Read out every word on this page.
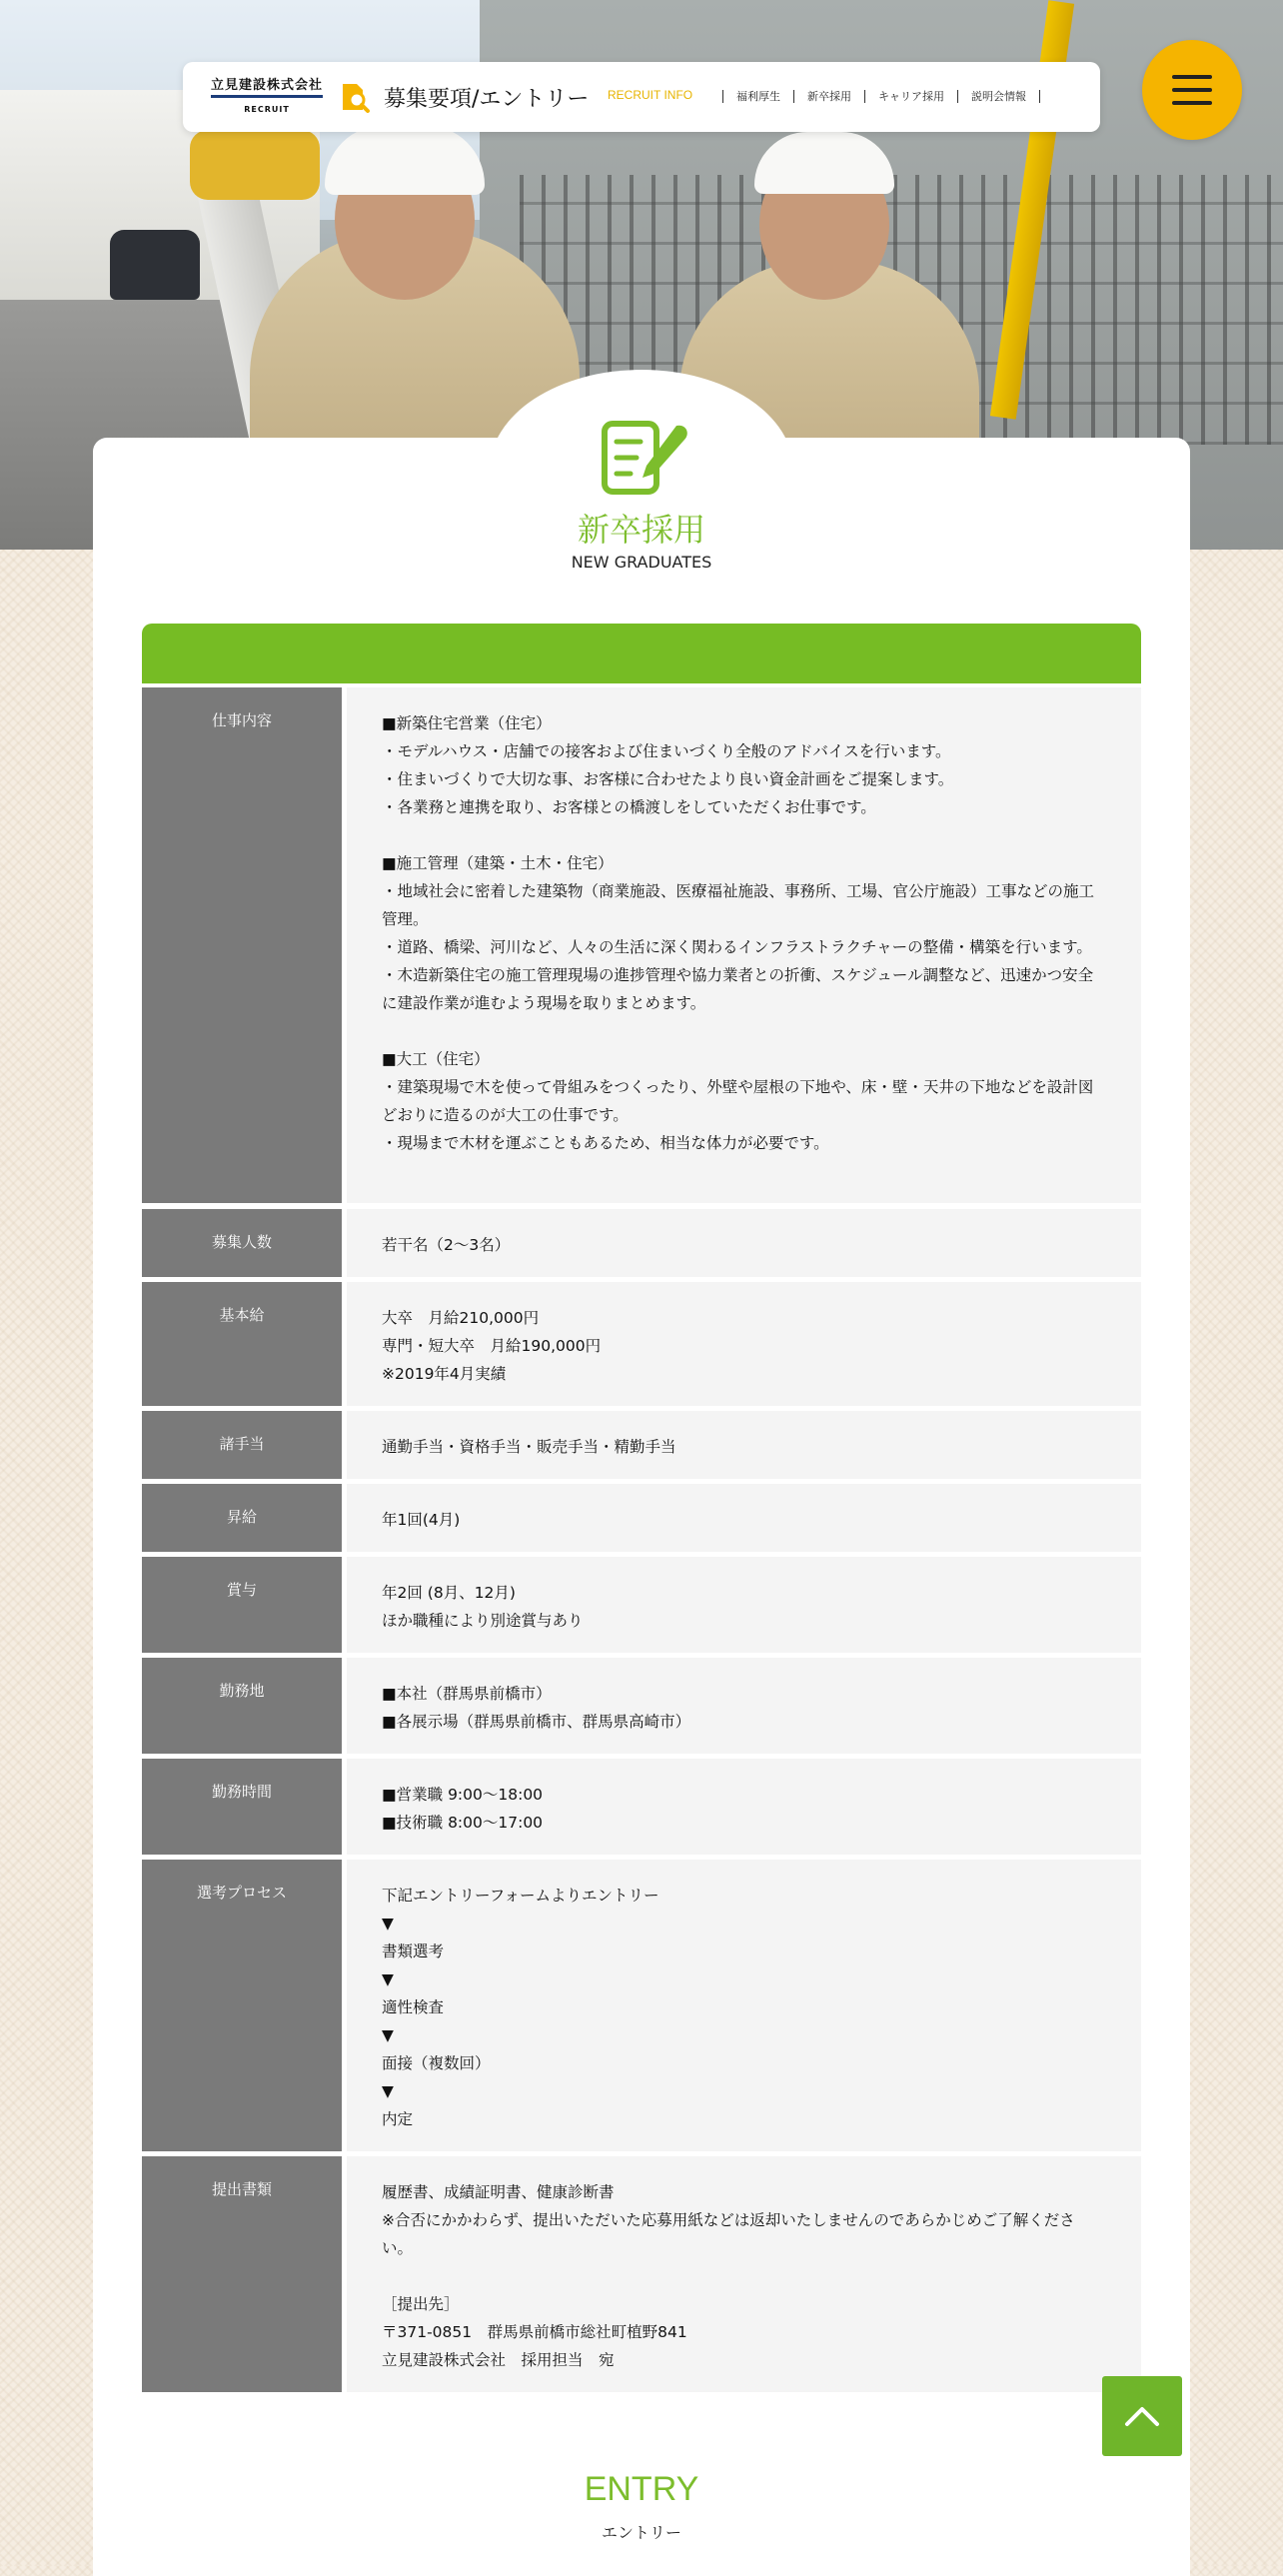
立見建設株式会社
RECRUIT	募集要項/エントリー RECRUIT INFO	福利厚生 新卒採用 キャリア採用 説明会情報
新卒採用
NEW GRADUATES
仕事内容	■新築住宅営業（住宅）
・モデルハウス・店舗での接客および住まいづくり全般のアドバイスを行います。
・住まいづくりで大切な事、お客様に合わせたより良い資金計画をご提案します。
・各業務と連携を取り、お客様との橋渡しをしていただくお仕事です。
■施工管理（建築・土木・住宅）
・地域社会に密着した建築物（商業施設、医療福祉施設、事務所、工場、官公庁施設）工事などの施工管理。
・道路、橋梁、河川など、人々の生活に深く関わるインフラストラクチャーの整備・構築を行います。
・木造新築住宅の施工管理現場の進捗管理や協力業者との折衝、スケジュール調整など、迅速かつ安全に建設作業が進むよう現場を取りまとめます。
■大工（住宅）
・建築現場で木を使って骨組みをつくったり、外壁や屋根の下地や、床・壁・天井の下地などを設計図どおりに造るのが大工の仕事です。
・現場まで木材を運ぶこともあるため、相当な体力が必要です。
募集人数	若干名（2〜3名）
基本給	大卒　月給210,000円
専門・短大卒　月給190,000円
※2019年4月実績
諸手当	通勤手当・資格手当・販売手当・精勤手当
昇給	年1回(4月)
賞与	年2回 (8月、12月)
ほか職種により別途賞与あり
勤務地	■本社（群馬県前橋市）
■各展示場（群馬県前橋市、群馬県高崎市）
勤務時間	■営業職 9:00～18:00
■技術職 8:00～17:00
選考プロセス	下記エントリーフォームよりエントリー
▼
書類選考
▼
適性検査
▼
面接（複数回）
▼
内定
提出書類	履歴書、成績証明書、健康診断書
※合否にかかわらず、提出いただいた応募用紙などは返却いたしませんのであらかじめご了解ください。
［提出先］
〒371-0851　群馬県前橋市総社町植野841
立見建設株式会社　採用担当　宛
ENTRY
エントリー
